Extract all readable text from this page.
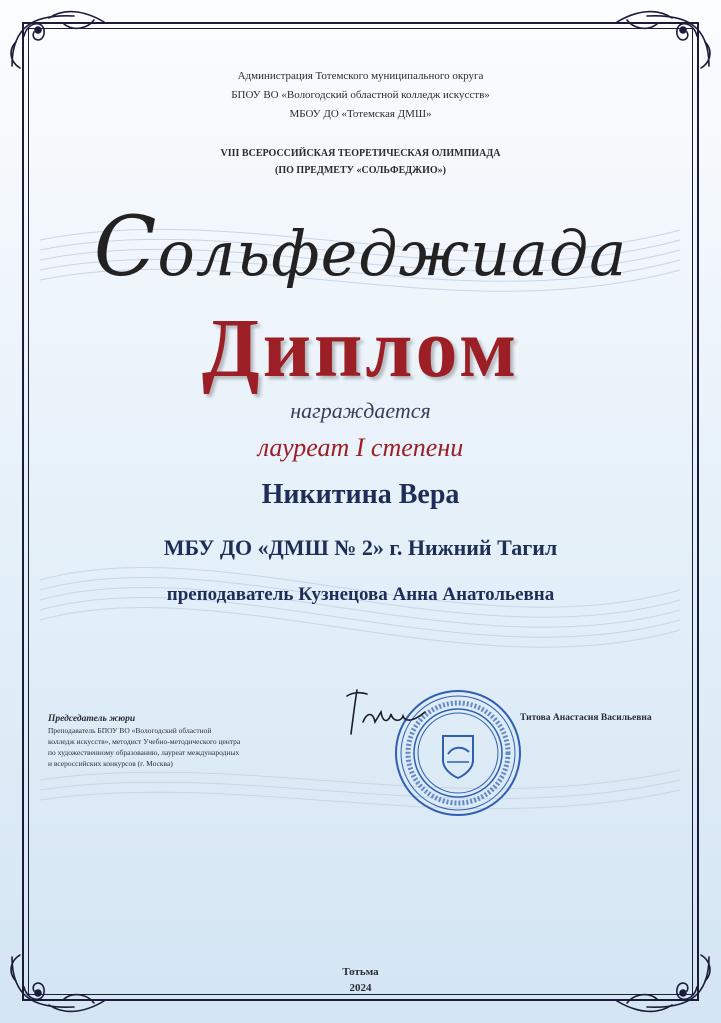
Администрация Тотемского муниципального округа
БПОУ ВО «Вологодский областной колледж искусств»
МБОУ ДО «Тотемская ДМШ»
VIII ВСЕРОССИЙСКАЯ ТЕОРЕТИЧЕСКАЯ ОЛИМПИАДА
(ПО ПРЕДМЕТУ «СОЛЬФЕДЖИО»)
Сольфеджиада
Диплом
награждается
лауреат I степени
Никитина Вера
МБУ ДО «ДМШ № 2» г. Нижний Тагил
преподаватель Кузнецова Анна Анатольевна
Председатель жюри
Преподаватель БПОУ ВО «Вологодский областной
колледж искусств», методист Учебно-методического центра
по художественному образованию, лауреат международных
и всероссийских конкурсов (г. Москва)
Титова Анастасия Васильевна
Тотьма
2024
